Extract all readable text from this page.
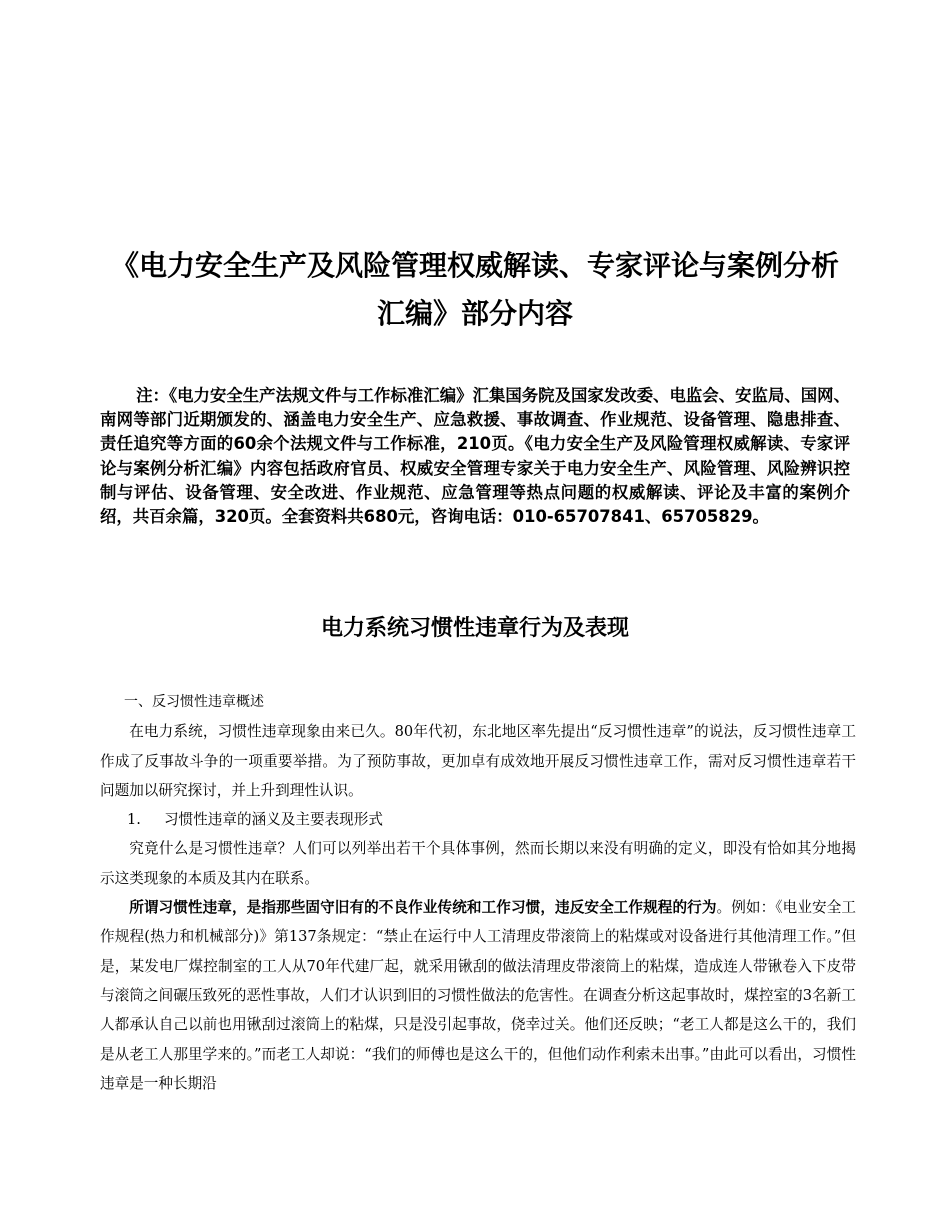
《电力安全生产及风险管理权威解读、专家评论与案例分析汇编》部分内容

注：《电力安全生产法规文件与工作标准汇编》汇集国务院及国家发改委、电监会、安监局、国网、南网等部门近期颁发的、涵盖电力安全生产、应急救援、事故调查、作业规范、设备管理、隐患排查、责任追究等方面的60余个法规文件与工作标准，210页。《电力安全生产及风险管理权威解读、专家评论与案例分析汇编》内容包括政府官员、权威安全管理专家关于电力安全生产、风险管理、风险辨识控制与评估、设备管理、安全改进、作业规范、应急管理等热点问题的权威解读、评论及丰富的案例介绍，共百余篇，320页。全套资料共680元，咨询电话：010-65707841、65705829。

电力系统习惯性违章行为及表现

一、反习惯性违章概述

在电力系统，习惯性违章现象由来已久。80年代初，东北地区率先提出“反习惯性违章”的说法，反习惯性违章工作成了反事故斗争的一项重要举措。为了预防事故，更加卓有成效地开展反习惯性违章工作，需对反习惯性违章若干问题加以研究探讨，并上升到理性认识。

1. 习惯性违章的涵义及主要表现形式

究竟什么是习惯性违章？人们可以列举出若干个具体事例，然而长期以来没有明确的定义，即没有恰如其分地揭示这类现象的本质及其内在联系。

所谓习惯性违章，是指那些固守旧有的不良作业传统和工作习惯，违反安全工作规程的行为。例如：《电业安全工作规程(热力和机械部分)》第137条规定：“禁止在运行中人工清理皮带滚筒上的粘煤或对设备进行其他清理工作。”但是，某发电厂煤控制室的工人从70年代建厂起，就采用锹刮的做法清理皮带滚筒上的粘煤，造成连人带锹卷入下皮带与滚筒之间碾压致死的恶性事故，人们才认识到旧的习惯性做法的危害性。在调查分析这起事故时，煤控室的3名新工人都承认自己以前也用锹刮过滚筒上的粘煤，只是没引起事故，侥幸过关。他们还反映；“老工人都是这么干的，我们是从老工人那里学来的。”而老工人却说：“我们的师傅也是这么干的，但他们动作利索未出事。”由此可以看出，习惯性违章是一种长期沿
